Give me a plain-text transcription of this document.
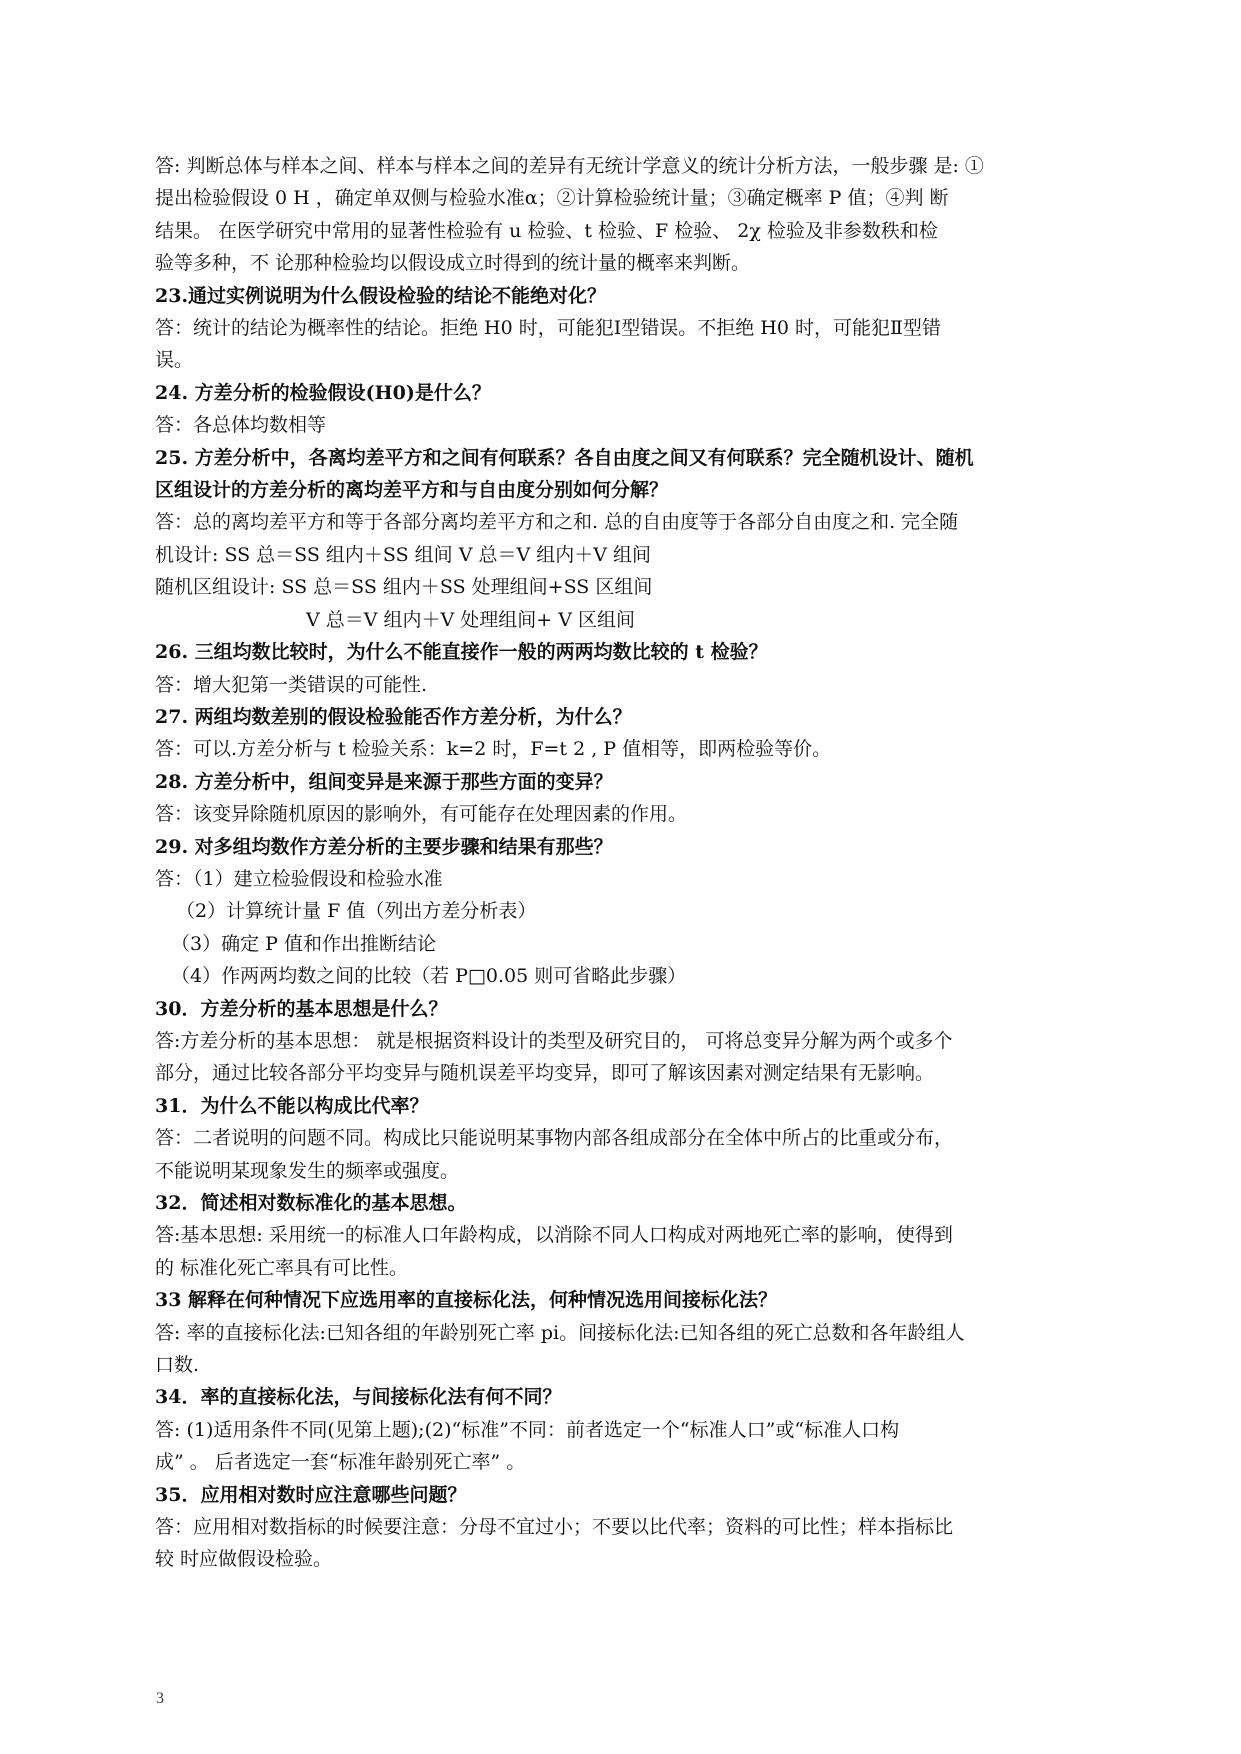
答: 判断总体与样本之间、样本与样本之间的差异有无统计学意义的统计分析方法，一般步骤 是: ①
提出检验假设 0 H ，确定单双侧与检验水准α；②计算检验统计量；③确定概率 P 值；④判 断
结果。 在医学研究中常用的显著性检验有 u 检验、t 检验、F 检验、 2χ 检验及非参数秩和检
验等多种，不 论那种检验均以假设成立时得到的统计量的概率来判断。
23.通过实例说明为什么假设检验的结论不能绝对化？
答：统计的结论为概率性的结论。拒绝 H0 时，可能犯Ⅰ型错误。不拒绝 H0 时，可能犯Ⅱ型错
误。
24. 方差分析的检验假设(H0)是什么？
答：各总体均数相等
25. 方差分析中，各离均差平方和之间有何联系？各自由度之间又有何联系？完全随机设计、随机
区组设计的方差分析的离均差平方和与自由度分别如何分解？
答：总的离均差平方和等于各部分离均差平方和之和. 总的自由度等于各部分自由度之和. 完全随
机设计: SS 总＝SS 组内＋SS 组间 V 总＝V 组内＋V 组间
随机区组设计: SS 总＝SS 组内＋SS 处理组间+SS 区组间
V 总＝V 组内＋V 处理组间+ V 区组间
26. 三组均数比较时，为什么不能直接作一般的两两均数比较的 t 检验？
答：增大犯第一类错误的可能性.
27. 两组均数差别的假设检验能否作方差分析，为什么？
答：可以.方差分析与 t 检验关系：k=2 时，F=t 2 , P 值相等，即两检验等价。
28. 方差分析中，组间变异是来源于那些方面的变异？
答：该变异除随机原因的影响外，有可能存在处理因素的作用。
29. 对多组均数作方差分析的主要步骤和结果有那些？
答：（1）建立检验假设和检验水准
（2）计算统计量 F 值（列出方差分析表）
（3）确定 P 值和作出推断结论
（4）作两两均数之间的比较（若 P□0.05 则可省略此步骤）
30．方差分析的基本思想是什么？
答:方差分析的基本思想： 就是根据资料设计的类型及研究目的， 可将总变异分解为两个或多个
部分，通过比较各部分平均变异与随机误差平均变异，即可了解该因素对测定结果有无影响。
31．为什么不能以构成比代率？
答：二者说明的问题不同。构成比只能说明某事物内部各组成部分在全体中所占的比重或分布，
不能说明某现象发生的频率或强度。
32．简述相对数标准化的基本思想。
答:基本思想: 采用统一的标准人口年龄构成，以消除不同人口构成对两地死亡率的影响，使得到
的 标准化死亡率具有可比性。
33 解释在何种情况下应选用率的直接标化法，何种情况选用间接标化法？
答: 率的直接标化法:已知各组的年龄别死亡率 pi。间接标化法:已知各组的死亡总数和各年龄组人
口数.
34．率的直接标化法，与间接标化法有何不同？
答: (1)适用条件不同(见第上题);(2)“标准”不同：前者选定一个“标准人口”或“标准人口构
成” 。 后者选定一套“标准年龄别死亡率” 。
35．应用相对数时应注意哪些问题？
答：应用相对数指标的时候要注意：分母不宜过小；不要以比代率；资料的可比性；样本指标比
较 时应做假设检验。
3
